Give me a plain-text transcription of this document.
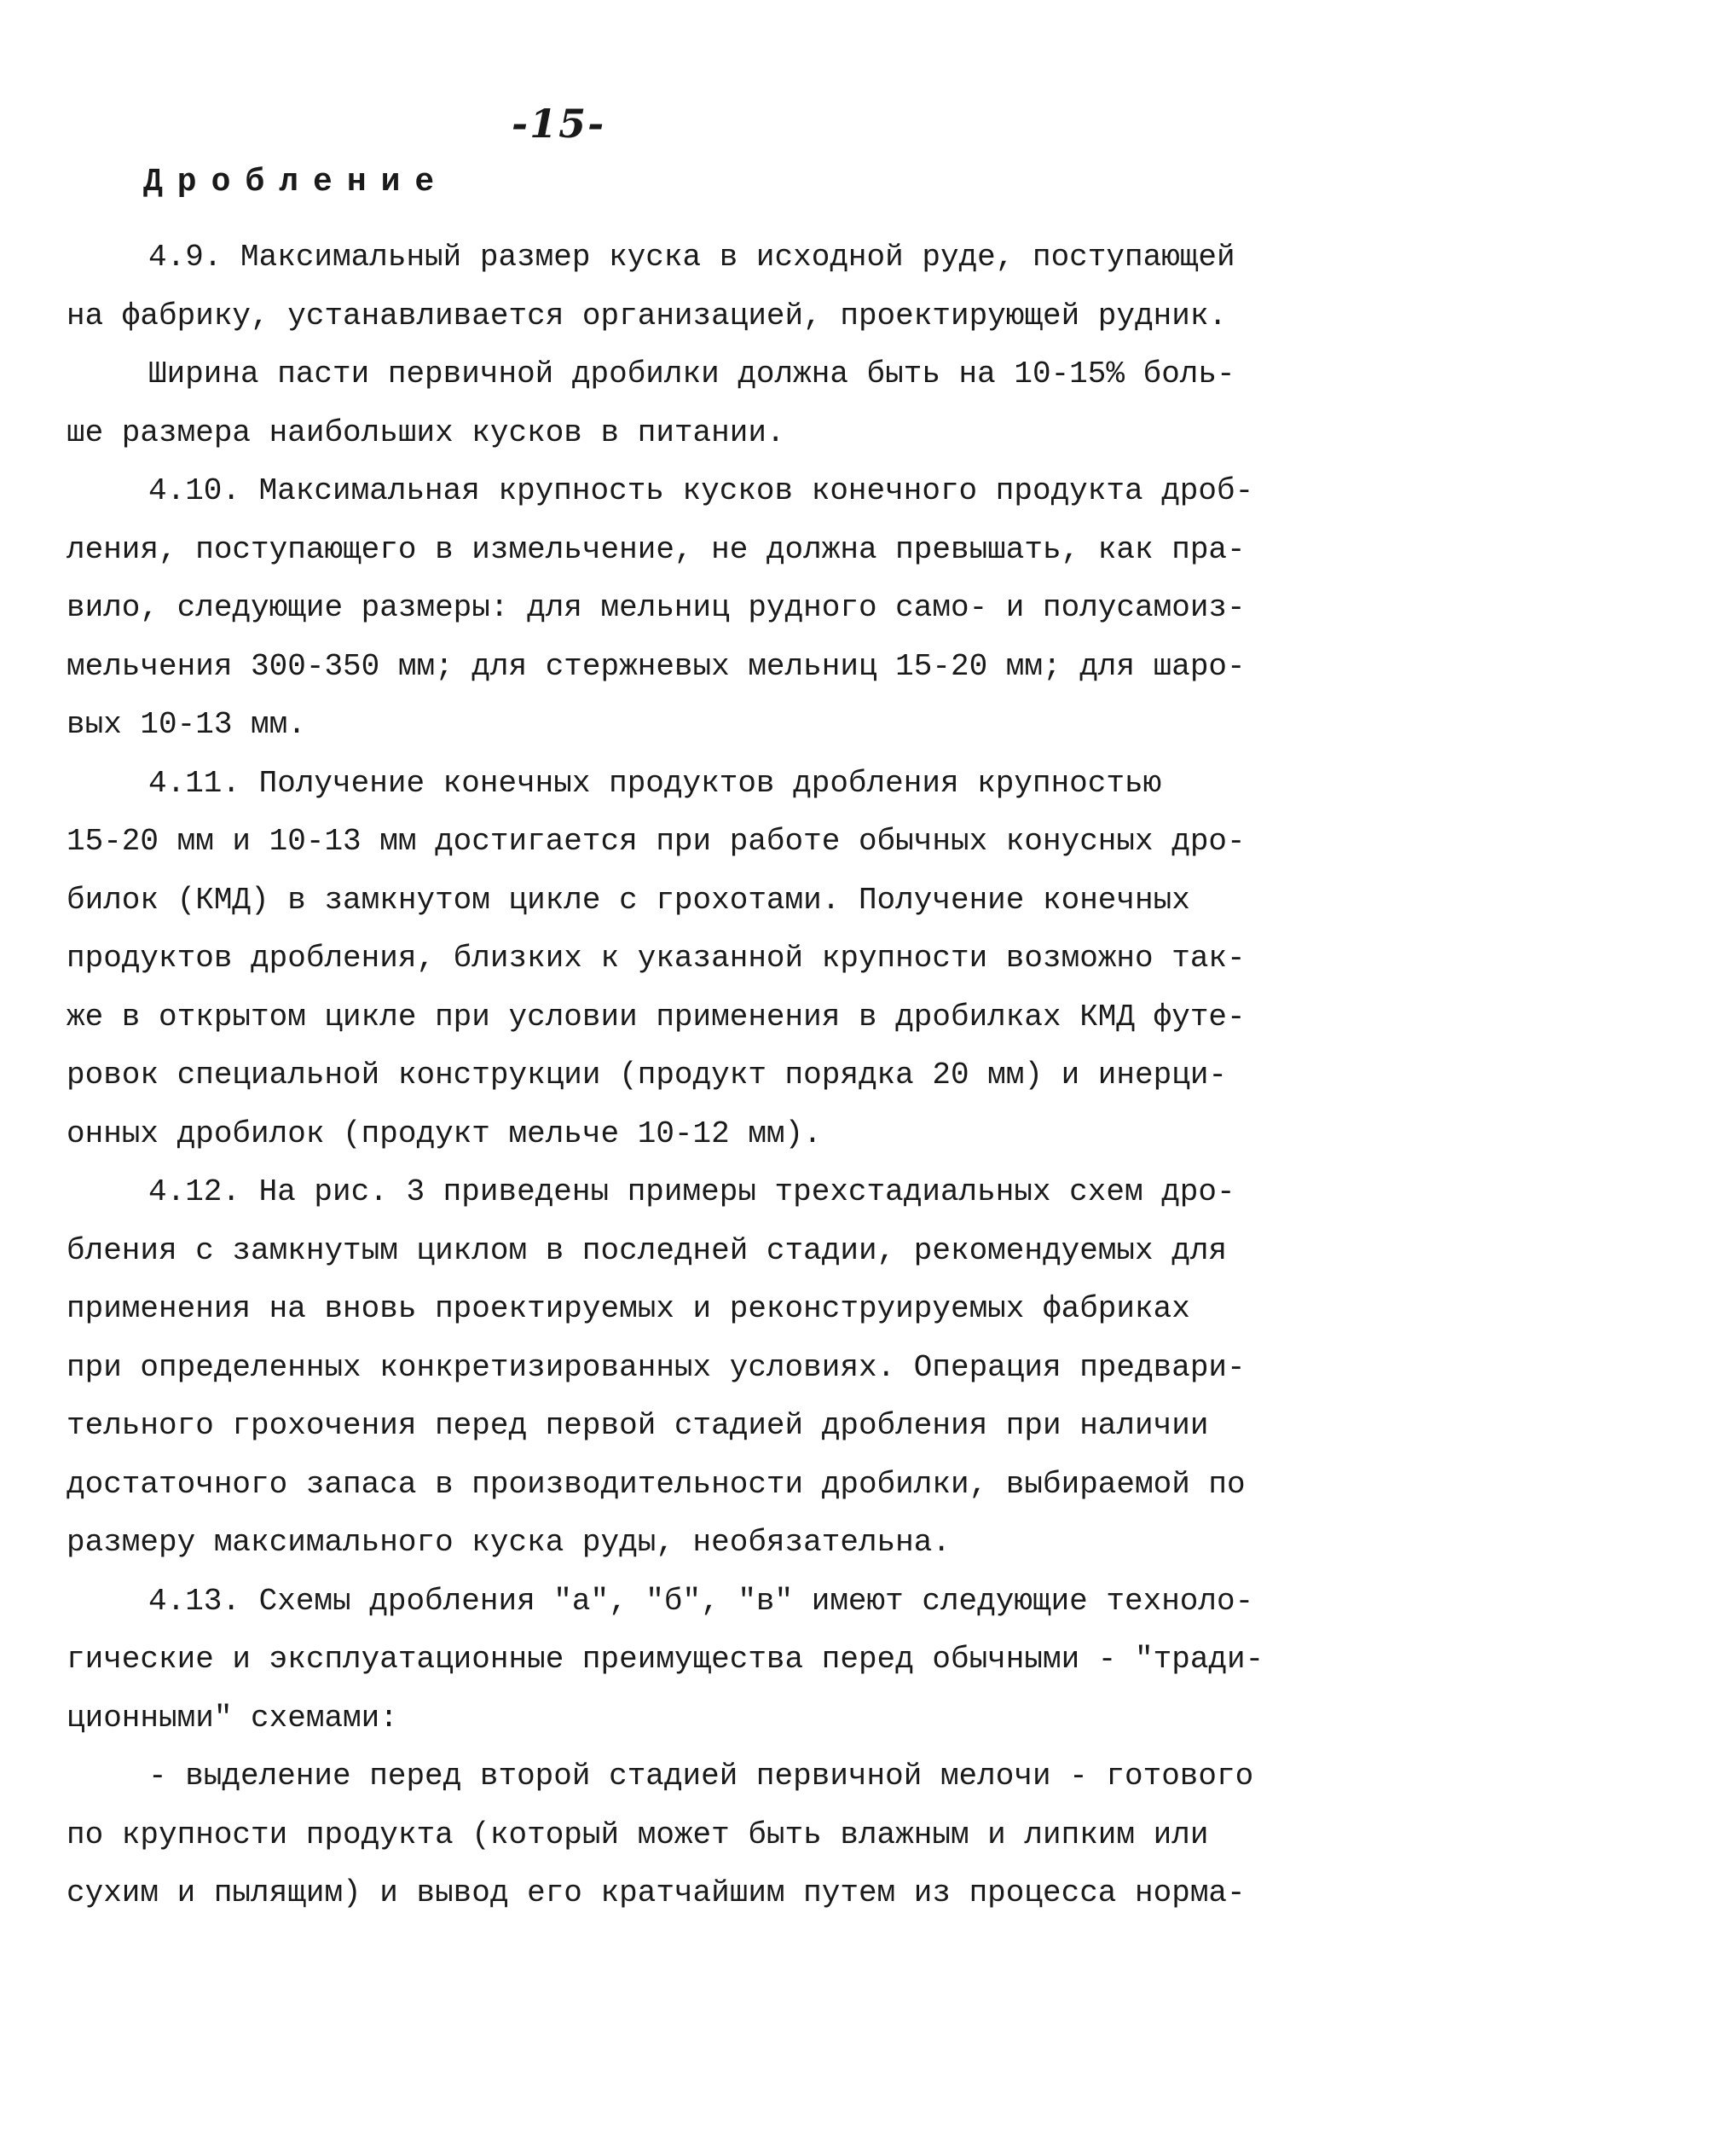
-15-
Дробление
4.9. Максимальный размер куска в исходной руде, поступающей
на фабрику, устанавливается организацией, проектирующей рудник.
Ширина пасти первичной дробилки должна быть на 10-15% боль-
ше размера наибольших кусков в питании.
4.10. Максимальная крупность кусков конечного продукта дроб-
ления, поступающего в измельчение, не должна превышать, как пра-
вило, следующие размеры: для мельниц рудного само- и полусамоиз-
мельчения 300-350 мм; для стержневых мельниц 15-20 мм; для шаро-
вых 10-13 мм.
4.11. Получение конечных продуктов дробления крупностью
15-20 мм и 10-13 мм достигается при работе обычных конусных дро-
билок (КМД) в замкнутом цикле с грохотами. Получение конечных
продуктов дробления, близких к указанной крупности возможно так-
же в открытом цикле при условии применения в дробилках КМД футе-
ровок специальной конструкции (продукт порядка 20 мм) и инерци-
онных дробилок (продукт мельче 10-12 мм).
4.12. На рис. 3 приведены примеры трехстадиальных схем дро-
бления с замкнутым циклом в последней стадии, рекомендуемых для
применения на вновь проектируемых и реконструируемых фабриках
при определенных конкретизированных условиях. Операция предвари-
тельного грохочения перед первой стадией дробления при наличии
достаточного запаса в производительности дробилки, выбираемой по
размеру максимального куска руды, необязательна.
4.13. Схемы дробления "а", "б", "в" имеют следующие техноло-
гические и эксплуатационные преимущества перед обычными - "тради-
ционными" схемами:
- выделение перед второй стадией первичной мелочи - готового
по крупности продукта (который может быть влажным и липким или
сухим и пылящим) и вывод его кратчайшим путем из процесса норма-
